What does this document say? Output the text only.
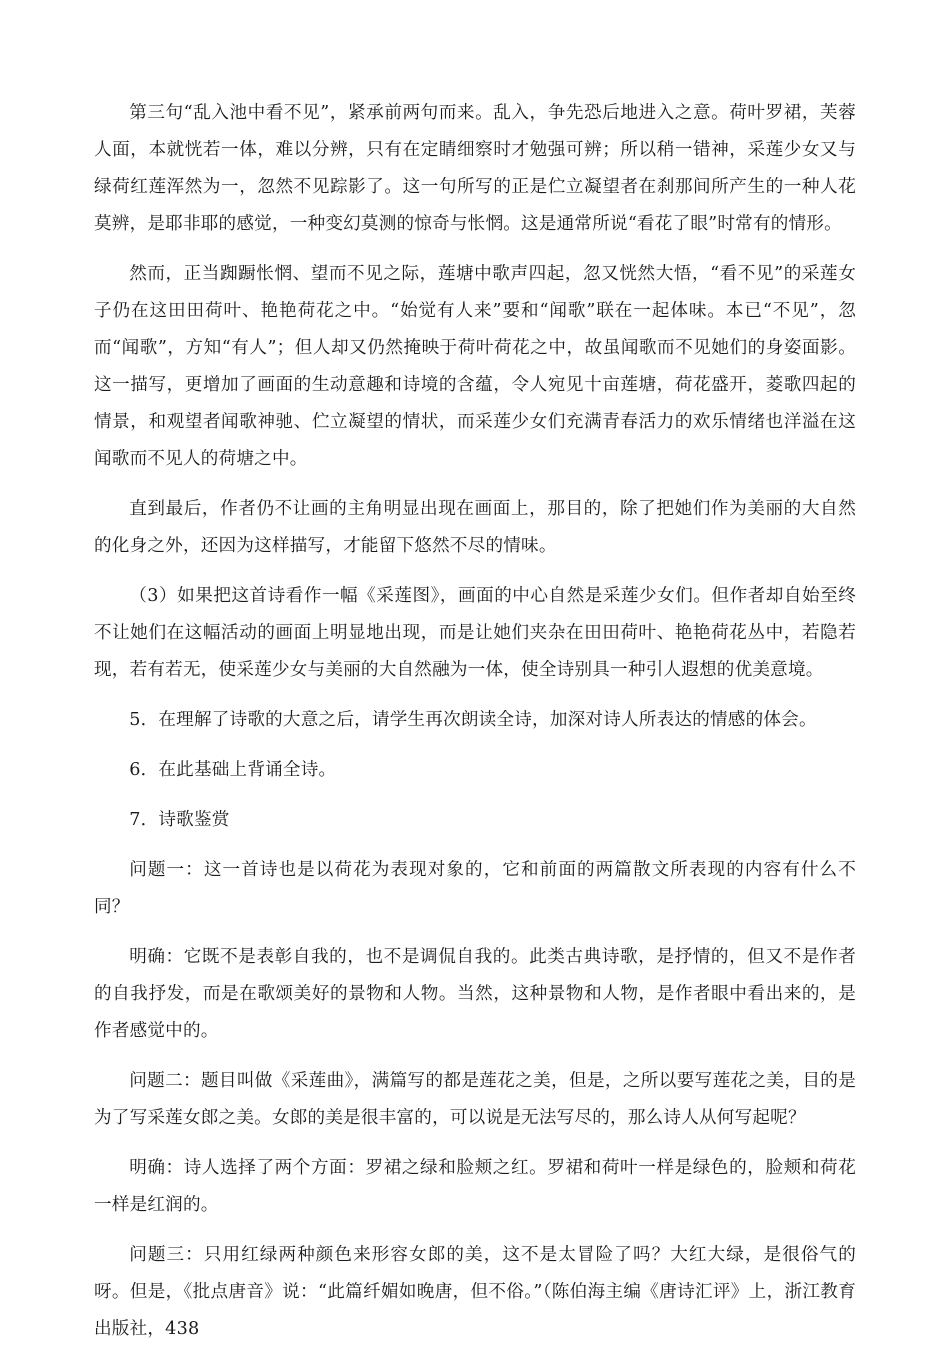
第三句“乱入池中看不见”，紧承前两句而来。乱入，争先恐后地进入之意。荷叶罗裙，芙蓉人面，本就恍若一体，难以分辨，只有在定睛细察时才勉强可辨；所以稍一错神，采莲少女又与绿荷红莲浑然为一，忽然不见踪影了。这一句所写的正是伫立凝望者在刹那间所产生的一种人花莫辨，是耶非耶的感觉，一种变幻莫测的惊奇与怅惘。这是通常所说“看花了眼”时常有的情形。

然而，正当踟蹰怅惘、望而不见之际，莲塘中歌声四起，忽又恍然大悟，“看不见”的采莲女子仍在这田田荷叶、艳艳荷花之中。“始觉有人来”要和“闻歌”联在一起体味。本已“不见”，忽而“闻歌”，方知“有人”；但人却又仍然掩映于荷叶荷花之中，故虽闻歌而不见她们的身姿面影。这一描写，更增加了画面的生动意趣和诗境的含蕴，令人宛见十亩莲塘，荷花盛开，菱歌四起的情景，和观望者闻歌神驰、伫立凝望的情状，而采莲少女们充满青春活力的欢乐情绪也洋溢在这闻歌而不见人的荷塘之中。

直到最后，作者仍不让画的主角明显出现在画面上，那目的，除了把她们作为美丽的大自然的化身之外，还因为这样描写，才能留下悠然不尽的情味。

（3）如果把这首诗看作一幅《采莲图》，画面的中心自然是采莲少女们。但作者却自始至终不让她们在这幅活动的画面上明显地出现，而是让她们夹杂在田田荷叶、艳艳荷花丛中，若隐若现，若有若无，使采莲少女与美丽的大自然融为一体，使全诗别具一种引人遐想的优美意境。

5．在理解了诗歌的大意之后，请学生再次朗读全诗，加深对诗人所表达的情感的体会。

6．在此基础上背诵全诗。

7．诗歌鉴赏

问题一：这一首诗也是以荷花为表现对象的，它和前面的两篇散文所表现的内容有什么不同？

明确：它既不是表彰自我的，也不是调侃自我的。此类古典诗歌，是抒情的，但又不是作者的自我抒发，而是在歌颂美好的景物和人物。当然，这种景物和人物，是作者眼中看出来的，是作者感觉中的。

问题二：题目叫做《采莲曲》，满篇写的都是莲花之美，但是，之所以要写莲花之美，目的是为了写采莲女郎之美。女郎的美是很丰富的，可以说是无法写尽的，那么诗人从何写起呢？

明确：诗人选择了两个方面：罗裙之绿和脸颊之红。罗裙和荷叶一样是绿色的，脸颊和荷花一样是红润的。

问题三：只用红绿两种颜色来形容女郎的美，这不是太冒险了吗？大红大绿，是很俗气的呀。但是，《批点唐音》说：“此篇纤媚如晚唐，但不俗。”（陈伯海主编《唐诗汇评》上，浙江教育出版社，438
